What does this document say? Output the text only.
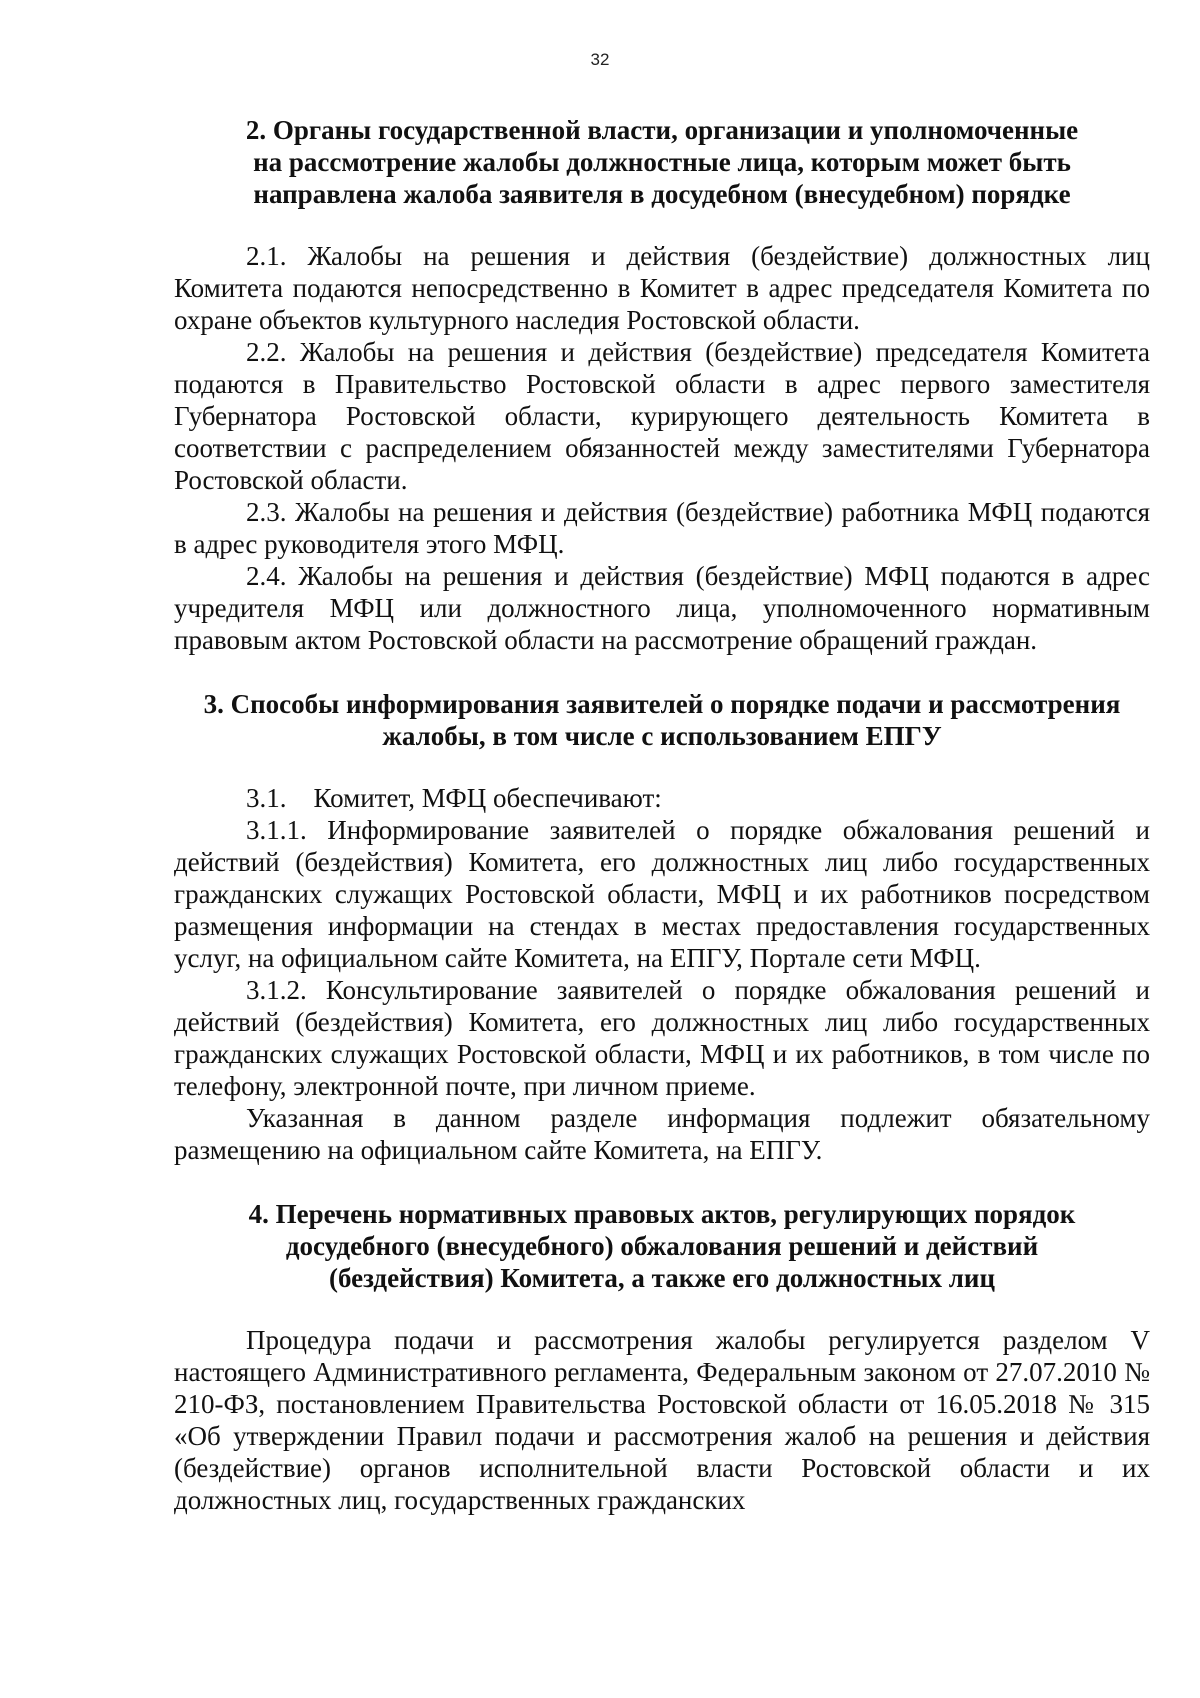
32
2. Органы государственной власти, организации и уполномоченные
на рассмотрение жалобы должностные лица, которым может быть
направлена жалоба заявителя в досудебном (внесудебном) порядке

2.1. Жалобы на решения и действия (бездействие) должностных лиц Комитета подаются непосредственно в Комитет в адрес председателя Комитета по охране объектов культурного наследия Ростовской области.

2.2. Жалобы на решения и действия (бездействие) председателя Комитета подаются в Правительство Ростовской области в адрес первого заместителя Губернатора Ростовской области, курирующего деятельность Комитета в соответствии с распределением обязанностей между заместителями Губернатора Ростовской области.

2.3. Жалобы на решения и действия (бездействие) работника МФЦ подаются в адрес руководителя этого МФЦ.

2.4. Жалобы на решения и действия (бездействие) МФЦ подаются в адрес учредителя МФЦ или должностного лица, уполномоченного нормативным правовым актом Ростовской области на рассмотрение обращений граждан.

3. Способы информирования заявителей о порядке подачи и рассмотрения
жалобы, в том числе с использованием ЕПГУ

3.1.    Комитет, МФЦ обеспечивают:

3.1.1. Информирование заявителей о порядке обжалования решений и действий (бездействия) Комитета, его должностных лиц либо государственных гражданских служащих Ростовской области, МФЦ и их работников посредством размещения информации на стендах в местах предоставления государственных услуг, на официальном сайте Комитета, на ЕПГУ, Портале сети МФЦ.

3.1.2. Консультирование заявителей о порядке обжалования решений и действий (бездействия) Комитета, его должностных лиц либо государственных гражданских служащих Ростовской области, МФЦ и их работников, в том числе по телефону, электронной почте, при личном приеме.

Указанная в данном разделе информация подлежит обязательному размещению на официальном сайте Комитета, на ЕПГУ.

4. Перечень нормативных правовых актов, регулирующих порядок
досудебного (внесудебного) обжалования решений и действий
(бездействия) Комитета, а также его должностных лиц

Процедура подачи и рассмотрения жалобы регулируется разделом V настоящего Административного регламента, Федеральным законом от 27.07.2010 № 210-ФЗ, постановлением Правительства Ростовской области от 16.05.2018 № 315 «Об утверждении Правил подачи и рассмотрения жалоб на решения и действия (бездействие) органов исполнительной власти Ростовской области и их должностных лиц, государственных гражданских
